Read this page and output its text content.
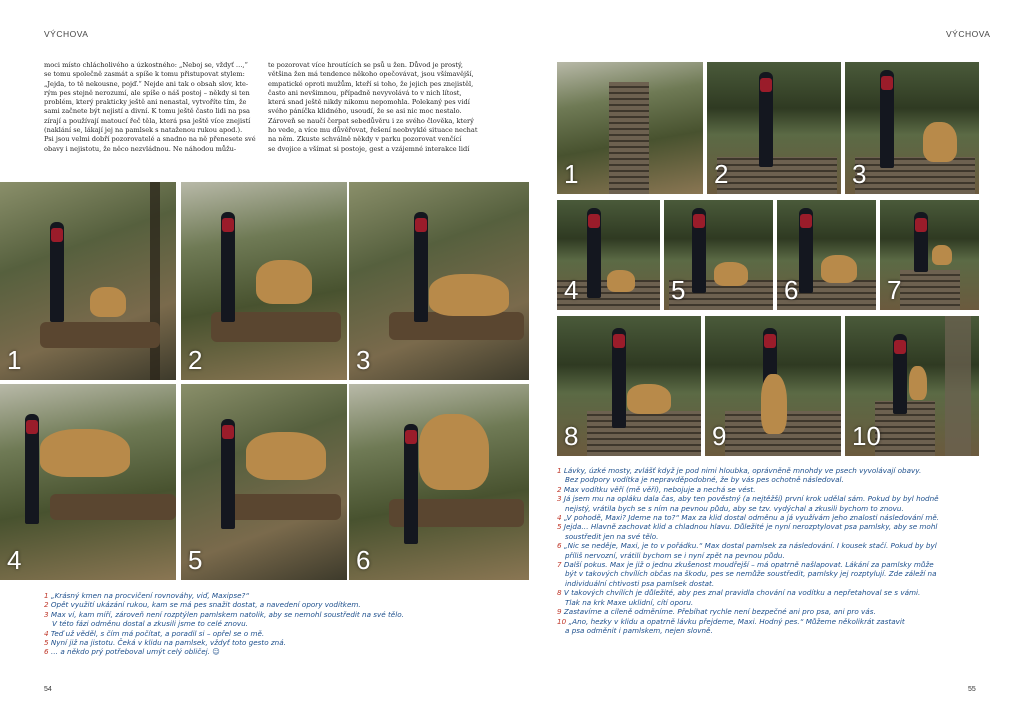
VÝCHOVA	VÝCHOVA

moci místo chlácholivého a úzkostného: „Neboj se, vždyť …,“

se tomu společně zasmát a spíše k tomu přistupovat stylem:

„Jejda, to tě nekousne, pojď.“ Nejde ani tak o obsah slov, kte-

rým pes stejně nerozumí, ale spíše o náš postoj – někdy si ten

problém, který prakticky ještě ani nenastal, vytvoříte tím, že

sami začnete být nejistí a divní. K tomu ještě často lidi na psa

zírají a používají matoucí řeč těla, která psa ještě více znejistí

(naklání se, lákají jej na pamlsek s nataženou rukou apod.).

Psi jsou velmi dobří pozorovatelé a snadno na ně přenesete své

obavy i nejistotu, že něco nezvládnou. Ne náhodou můžu-

te pozorovat více hroutících se psů u žen. Důvod je prostý,

většina žen má tendence někoho opečovávat, jsou všímavější,

empatické oproti mužům, kteří si toho, že jejich pes znejistěl,

často ani nevšimnou, případně nevyvolává to v nich lítost,

která snad ještě nikdy nikomu nepomohla. Polekaný pes vidí

svého páníčka klidného, usoudí, že se asi nic moc nestalo.

Zároveň se naučí čerpat sebedůvěru i ze svého člověka, který

ho vede, a více mu důvěřovat, řešení neobvyklé situace nechat

na něm. Zkuste schválně někdy v parku pozorovat venčící

se dvojice a všímat si postoje, gest a vzájemné interakce lidí

1	2	3
4	5	6
1	2	3
4	5	6	7
8	9	10
1 „Krásný kmen na procvičení rovnováhy, viď, Maxipse?“
2 Opět využití ukázání rukou, kam se má pes snažit dostat, a navedení opory vodítkem.
3 Max ví, kam míří, zároveň není rozptýlen pamlskem natolik, aby se nemohl soustředit na své tělo.
V této fázi odměnu dostal a zkusili jsme to celé znovu.
4 Teď už věděl, s čím má počítat, a poradil si – opřel se o mě.
5 Nyní již na jistotu. Čeká v klidu na pamlsek, vždyť toto gesto zná.
6 … a někdo prý potřeboval umýt celý obličej. ☺
1 Lávky, úzké mosty, zvlášť když je pod nimi hloubka, oprávněně mnohdy ve psech vyvolávají obavy.
Bez podpory vodítka je nepravděpodobné, že by vás pes ochotně následoval.
2 Max vodítku věří (mě věří), nebojuje a nechá se vést.
3 Já jsem mu na opláku dala čas, aby ten pověstný (a nejtěžší) první krok udělal sám. Pokud by byl hodně
nejistý, vrátila bych se s ním na pevnou půdu, aby se tzv. vydýchal a zkusili bychom to znovu.
4 „V pohodě, Maxi? Jdeme na to?“ Max za klid dostal odměnu a já využívám jeho znalosti následování mě.
5 Jejda… Hlavně zachovat klid a chladnou hlavu. Důležité je nyní nerozptylovat psa pamlsky, aby se mohl
soustředit jen na své tělo.
6 „Nic se neděje, Maxi, je to v pořádku.“ Max dostal pamlsek za následování. I kousek stačí. Pokud by byl
příliš nervozní, vrátili bychom se i nyní zpět na pevnou půdu.
7 Další pokus. Max je již o jednu zkušenost moudřejší – má opatrně našlapovat. Lákání za pamlsky může
být v takových chvílích občas na škodu, pes se nemůže soustředit, pamlsky jej rozptylují. Zde záleží na
individuální chtivosti psa pamlsek dostat.
8 V takových chvílích je důležité, aby pes znal pravidla chování na vodítku a nepřetahoval se s vámi.
Tlak na krk Maxe uklidní, cítí oporu.
9 Zastavíme a cíleně odměníme. Přebíhat rychle není bezpečné ani pro psa, ani pro vás.
10 „Ano, hezky v klidu a opatrně lávku přejdeme, Maxi. Hodný pes.“ Můžeme několikrát zastavit
a psa odměnit i pamlskem, nejen slovně.
54	55
